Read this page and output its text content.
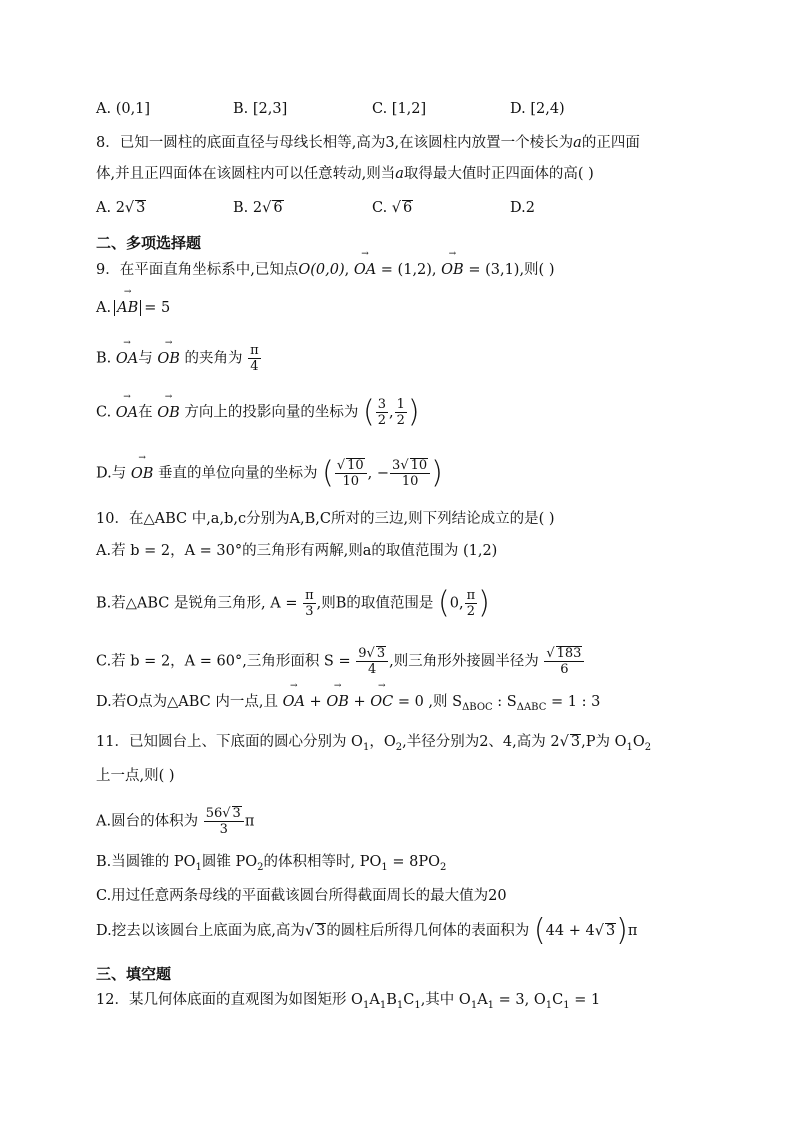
A. (0,1]	B. [2,3]	C. [1,2]	D. [2,4)
8．已知一圆柱的底面直径与母线长相等,高为3,在该圆柱内放置一个棱长为a的正四面
体,并且正四面体在该圆柱内可以任意转动,则当a取得最大值时正四面体的高( )
A. 2 √ 3	B. 2 √ 6	C. √ 6	D.2
二、多项选择题
9．在平面直角坐标系中,已知点O(0,0), → OA = (1,2), → OB = (3,1),则( )
A. → AB = 5
B. → OA与 → OB 的夹角为 $\frac{\pi}{4}$
C. → OA在 → OB 方向上的投影向量的坐标为 ( $\frac{3}{2}$ , $\frac{1}{2}$ )
D.与 → OB 垂直的单位向量的坐标为 ( √ $\frac{10}{10}$ , − $\frac{3 √ 10}{10}$ )
10．在△ABC 中,a,b,c分别为A,B,C所对的三边,则下列结论成立的是( )
A.若 b = 2，A = 30°的三角形有两解,则a的取值范围为 (1,2)
B.若△ABC 是锐角三角形, $A = \frac{\pi}{3}$ ,则B的取值范围是 (0, $\frac{\pi}{2}$ )
C.若 b = 2，A = 60°,三角形面积 $S = \frac{9 √ 3}{4}$ ,则三角形外接圆半径为 √ $\frac{183}{6}$
D.若O点为△ABC 内一点,且 → OA + → OB + → OC = 0 ,则 $S_{\Delta BOC}$ : $S_{\Delta ABC} = 1$ : 3
11．已知圆台上、下底面的圆心分别为 $O_1$，$O_2$,半径分别为2、4,高为 2 √ 3,P为 $O_1O_2$
上一点,则( )
A.圆台的体积为 $\frac{56 √ 3}{3}$ π
B.当圆锥的 $PO_1$圆锥 $PO_2$的体积相等时, $PO_1 = 8PO_2$
C.用过任意两条母线的平面截该圆台所得截面周长的最大值为20
D.挖去以该圆台上底面为底,高为 √ 3的圆柱后所得几何体的表面积为 (44 + 4 √ 3)π
三、填空题
12．某几何体底面的直观图为如图矩形 $O_1A_1B_1C_1$,其中 $O_1A_1 = 3$, $O_1C_1 = 1$
